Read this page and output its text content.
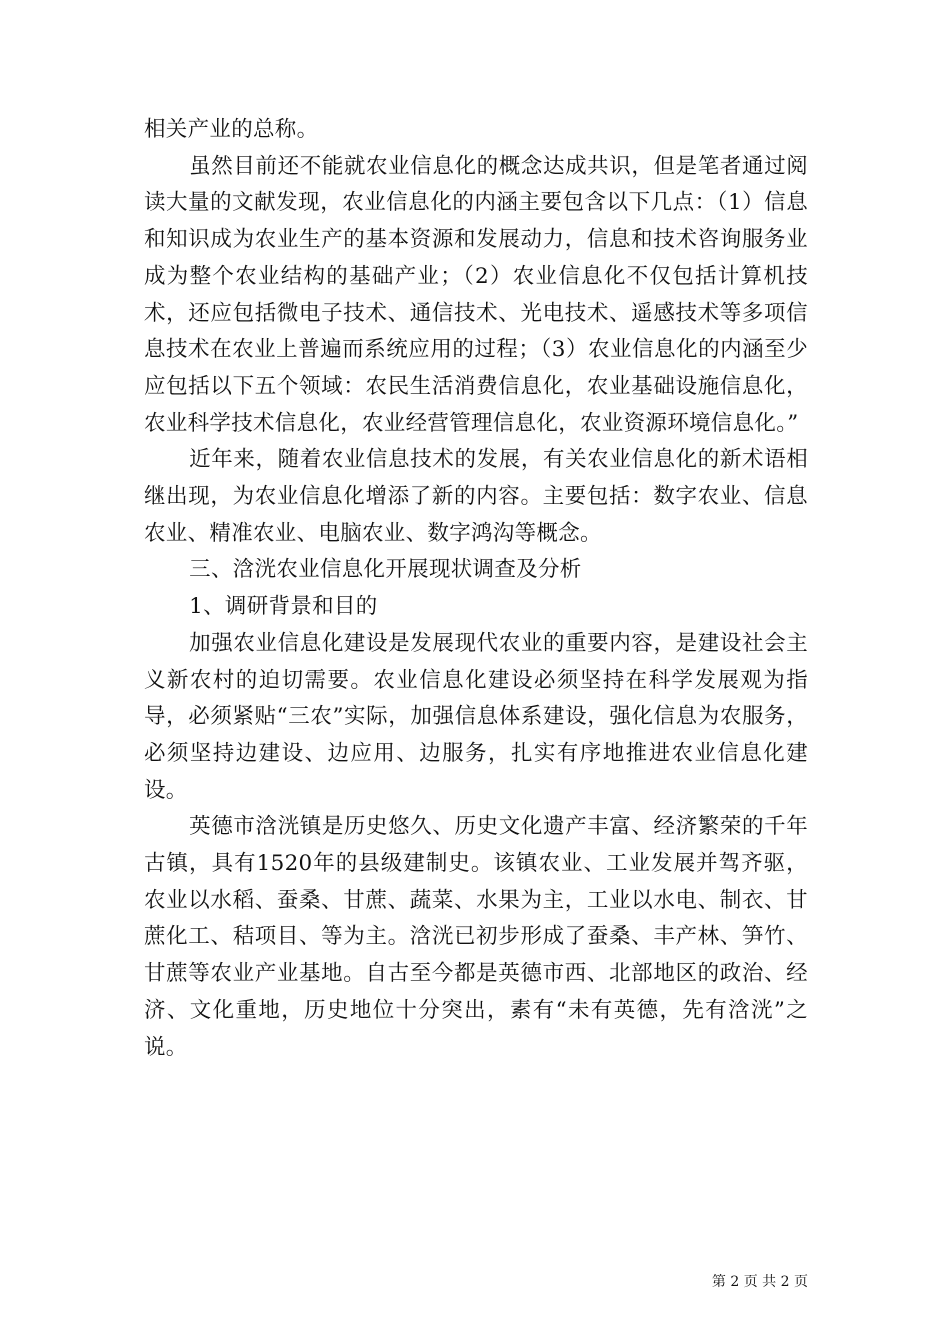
相关产业的总称。

虽然目前还不能就农业信息化的概念达成共识，但是笔者通过阅读大量的文献发现，农业信息化的内涵主要包含以下几点：（1）信息和知识成为农业生产的基本资源和发展动力，信息和技术咨询服务业成为整个农业结构的基础产业；（2）农业信息化不仅包括计算机技术，还应包括微电子技术、通信技术、光电技术、遥感技术等多项信息技术在农业上普遍而系统应用的过程；（3）农业信息化的内涵至少应包括以下五个领域：农民生活消费信息化，农业基础设施信息化，农业科学技术信息化，农业经营管理信息化，农业资源环境信息化。”

近年来，随着农业信息技术的发展，有关农业信息化的新术语相继出现，为农业信息化增添了新的内容。主要包括：数字农业、信息农业、精准农业、电脑农业、数字鸿沟等概念。

三、浛洸农业信息化开展现状调查及分析

1、调研背景和目的

加强农业信息化建设是发展现代农业的重要内容，是建设社会主义新农村的迫切需要。农业信息化建设必须坚持在科学发展观为指导，必须紧贴“三农”实际，加强信息体系建设，强化信息为农服务，必须坚持边建设、边应用、边服务，扎实有序地推进农业信息化建设。

英德市浛洸镇是历史悠久、历史文化遗产丰富、经济繁荣的千年古镇，具有1520年的县级建制史。该镇农业、工业发展并驾齐驱，农业以水稻、蚕桑、甘蔗、蔬菜、水果为主，工业以水电、制衣、甘蔗化工、秸项目、等为主。浛洸已初步形成了蚕桑、丰产林、笋竹、甘蔗等农业产业基地。自古至今都是英德市西、北部地区的政治、经济、文化重地，历史地位十分突出，素有“未有英德，先有浛洸”之说。

第 2 页 共 2 页
